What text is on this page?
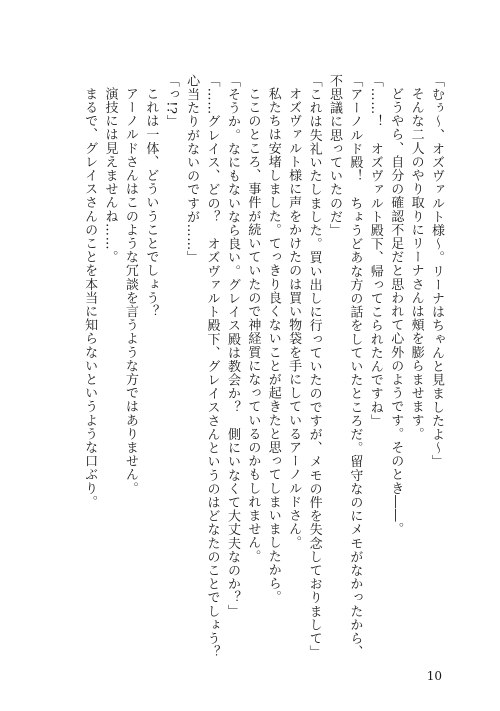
「むぅ～、オズヴァルト様～。リーナはちゃんと見ましたよ～」
そんな二人のやり取りにリーナさんは頰を膨らませます。
どうやら、自分の確認不足だと思われて心外のようです。そのとき――。
「……！　オズヴァルト殿下、帰ってこられたんですね」
「アーノルド殿！　ちょうどあな方の話をしていたところだ。留守なのにメモがなかったから、
不思議に思っていたのだ」
「これは失礼いたしました。買い出しに行っていたのですが、メモの件を失念しておりまして」
オズヴァルト様に声をかけたのは買い物袋を手にしているアーノルドさん。
私たちは安堵しました。てっきり良くないことが起きたと思ってしまいましたから。
ここのところ、事件が続いていたので神経質になっているのかもしれません。
「そうか。なにもないなら良い。グレイス殿は教会か？　側にいなくて大丈夫なのか？」
「……グレイス、どの？　オズヴァルト殿下、グレイスさんというのはどなたのことでしょう？
心当たりがないのですが……」
「っ!?」
これは一体、どういうことでしょう？
アーノルドさんはこのような冗談を言うような方ではありません。
演技には見えませんね……。
まるで、グレイスさんのことを本当に知らないというような口ぶり。
10
